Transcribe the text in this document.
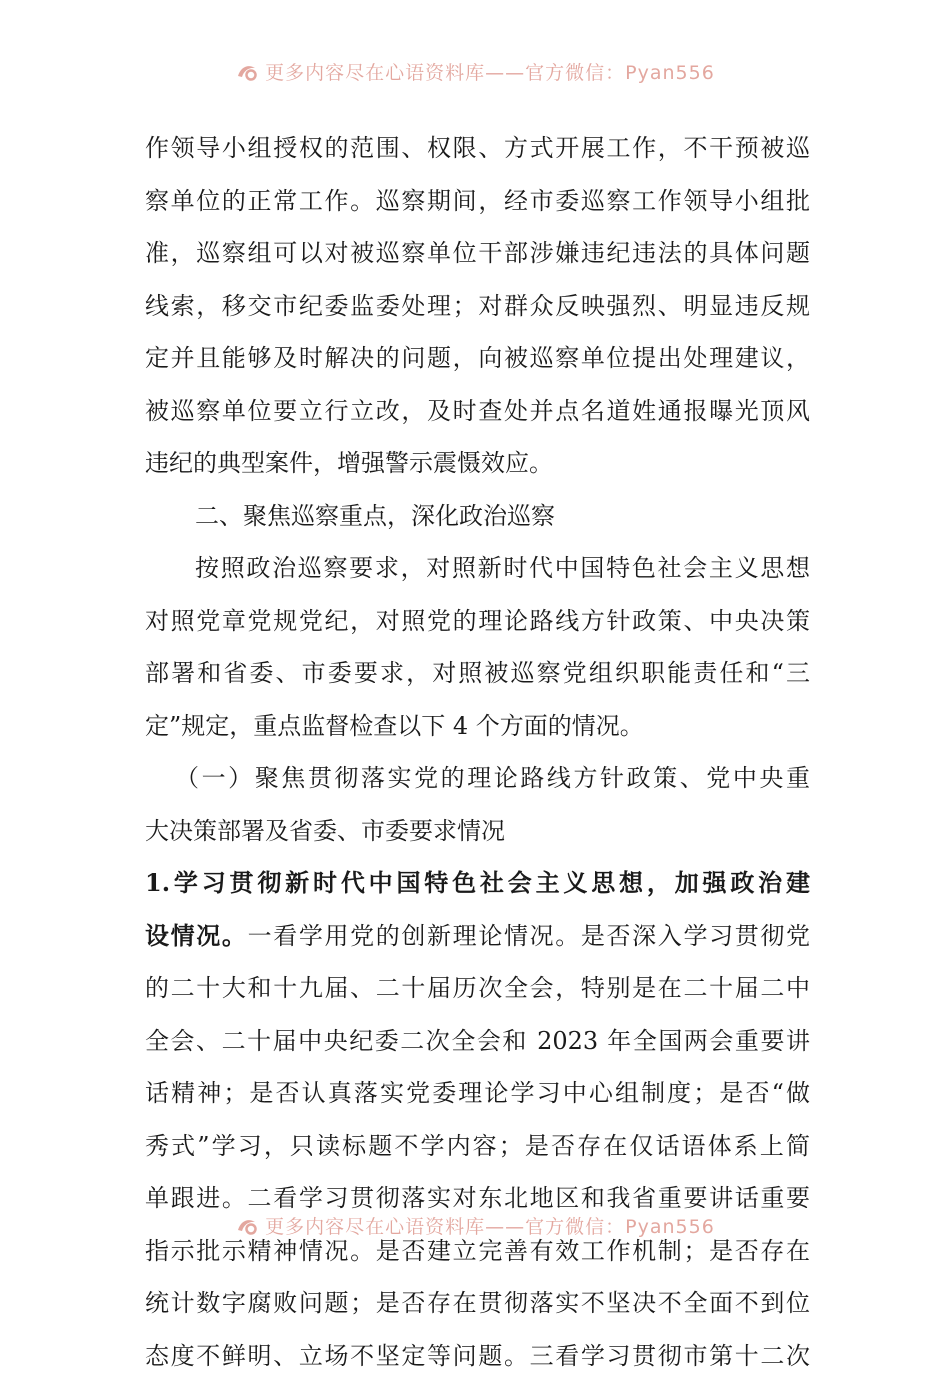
更多内容尽在心语资料库——官方微信：Pyan556
作领导小组授权的范围、权限、方式开展工作，不干预被巡
察单位的正常工作。巡察期间，经市委巡察工作领导小组批
准，巡察组可以对被巡察单位干部涉嫌违纪违法的具体问题
线索，移交市纪委监委处理；对群众反映强烈、明显违反规
定并且能够及时解决的问题，向被巡察单位提出处理建议，
被巡察单位要立行立改，及时查处并点名道姓通报曝光顶风
违纪的典型案件，增强警示震慑效应。
二、聚焦巡察重点，深化政治巡察
按照政治巡察要求，对照新时代中国特色社会主义思想
对照党章党规党纪，对照党的理论路线方针政策、中央决策
部署和省委、市委要求，对照被巡察党组织职能责任和“三
定”规定，重点监督检查以下 4 个方面的情况。
（一）聚焦贯彻落实党的理论路线方针政策、党中央重
大决策部署及省委、市委要求情况
1.学习贯彻新时代中国特色社会主义思想，加强政治建
设情况。一看学用党的创新理论情况。是否深入学习贯彻党
的二十大和十九届、二十届历次全会，特别是在二十届二中
全会、二十届中央纪委二次全会和 2023 年全国两会重要讲
话精神；是否认真落实党委理论学习中心组制度；是否“做
秀式”学习，只读标题不学内容；是否存在仅话语体系上简
单跟进。二看学习贯彻落实对东北地区和我省重要讲话重要
指示批示精神情况。是否建立完善有效工作机制；是否存在
统计数字腐败问题；是否存在贯彻落实不坚决不全面不到位
态度不鲜明、立场不坚定等问题。三看学习贯彻市第十二次
更多内容尽在心语资料库——官方微信：Pyan556
